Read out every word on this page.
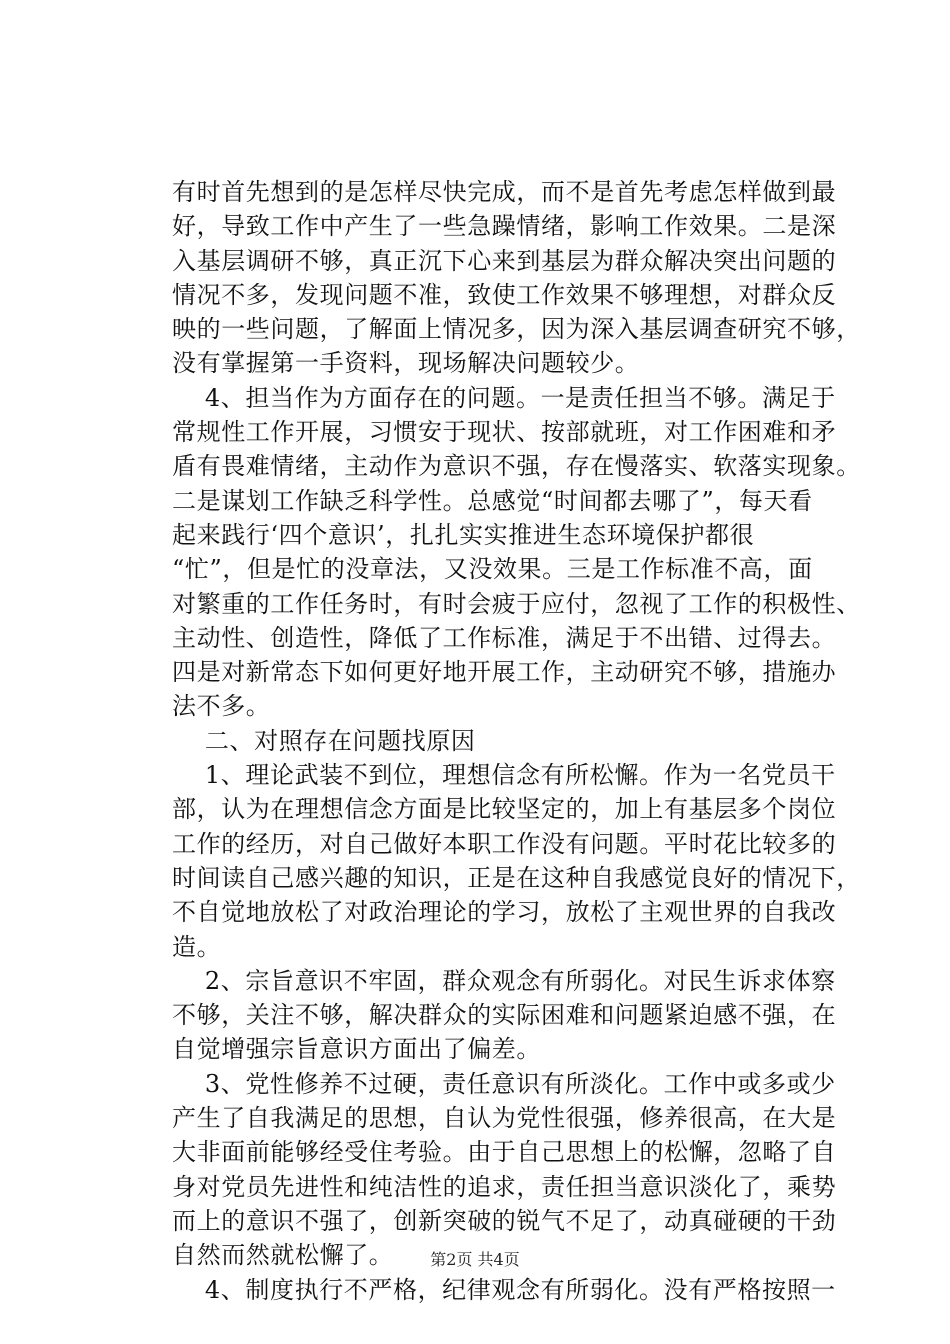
有时首先想到的是怎样尽快完成，而不是首先考虑怎样做到最
好，导致工作中产生了一些急躁情绪，影响工作效果。二是深
入基层调研不够，真正沉下心来到基层为群众解决突出问题的
情况不多，发现问题不准，致使工作效果不够理想，对群众反
映的一些问题，了解面上情况多，因为深入基层调查研究不够，
没有掌握第一手资料，现场解决问题较少。
4、担当作为方面存在的问题。一是责任担当不够。满足于
常规性工作开展，习惯安于现状、按部就班，对工作困难和矛
盾有畏难情绪，主动作为意识不强，存在慢落实、软落实现象。
二是谋划工作缺乏科学性。总感觉“时间都去哪了”，每天看
起来践行‘四个意识’，扎扎实实推进生态环境保护都很
“忙”，但是忙的没章法，又没效果。三是工作标准不高，面
对繁重的工作任务时，有时会疲于应付，忽视了工作的积极性、
主动性、创造性，降低了工作标准，满足于不出错、过得去。
四是对新常态下如何更好地开展工作，主动研究不够，措施办
法不多。
二、对照存在问题找原因
1、理论武装不到位，理想信念有所松懈。作为一名党员干
部，认为在理想信念方面是比较坚定的，加上有基层多个岗位
工作的经历，对自己做好本职工作没有问题。平时花比较多的
时间读自己感兴趣的知识，正是在这种自我感觉良好的情况下，
不自觉地放松了对政治理论的学习，放松了主观世界的自我改
造。
2、宗旨意识不牢固，群众观念有所弱化。对民生诉求体察
不够，关注不够，解决群众的实际困难和问题紧迫感不强，在
自觉增强宗旨意识方面出了偏差。
3、党性修养不过硬，责任意识有所淡化。工作中或多或少
产生了自我满足的思想，自认为党性很强，修养很高，在大是
大非面前能够经受住考验。由于自己思想上的松懈，忽略了自
身对党员先进性和纯洁性的追求，责任担当意识淡化了，乘势
而上的意识不强了，创新突破的锐气不足了，动真碰硬的干劲
自然而然就松懈了。
4、制度执行不严格，纪律观念有所弱化。没有严格按照一
第2页 共4页
